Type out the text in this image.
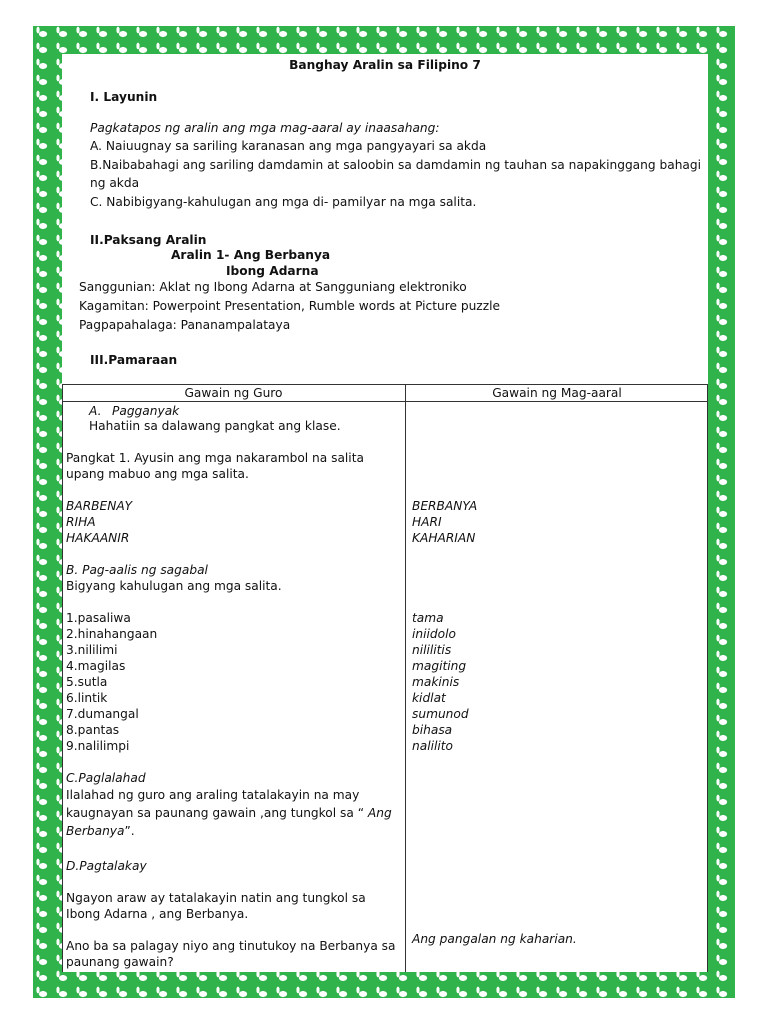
Banghay Aralin sa Filipino 7
I. Layunin
Pagkatapos ng aralin ang mga mag-aaral ay inaasahang:
A. Naiuugnay sa sariling karanasan ang mga pangyayari sa akda
B.Naibabahagi ang sariling damdamin at saloobin sa damdamin ng tauhan sa napakinggang bahagi
ng akda
C. Nabibigyang-kahulugan ang mga di- pamilyar na mga salita.
II.Paksang Aralin
Aralin 1- Ang Berbanya
Ibong Adarna
Sanggunian: Aklat ng Ibong Adarna at Sangguniang elektroniko
Kagamitan: Powerpoint Presentation, Rumble words at Picture puzzle
Pagpapahalaga: Pananampalataya
III.Pamaraan
Gawain ng Guro	Gawain ng Mag-aaral
A. Pagganyak
Hahatiin sa dalawang pangkat ang klase.
Pangkat 1. Ayusin ang mga nakarambol na salita
upang mabuo ang mga salita.
BARBENAY
RIHA
HAKAANIR
B. Pag-aalis ng sagabal
Bigyang kahulugan ang mga salita.
1.pasaliwa
2.hinahangaan
3.nililimi
4.magilas
5.sutla
6.lintik
7.dumangal
8.pantas
9.nalilimpi
C.Paglalahad
Ilalahad ng guro ang araling tatalakayin na may
kaugnayan sa paunang gawain ,ang tungkol sa “ Ang
Berbanya”.
D.Pagtalakay
Ngayon araw ay tatalakayin natin ang tungkol sa
Ibong Adarna , ang Berbanya.
Ano ba sa palagay niyo ang tinutukoy na Berbanya sa
paunang gawain?
BERBANYA
HARI
KAHARIAN
tama
iniidolo
nililitis
magiting
makinis
kidlat
sumunod
bihasa
nalilito
Ang pangalan ng kaharian.
